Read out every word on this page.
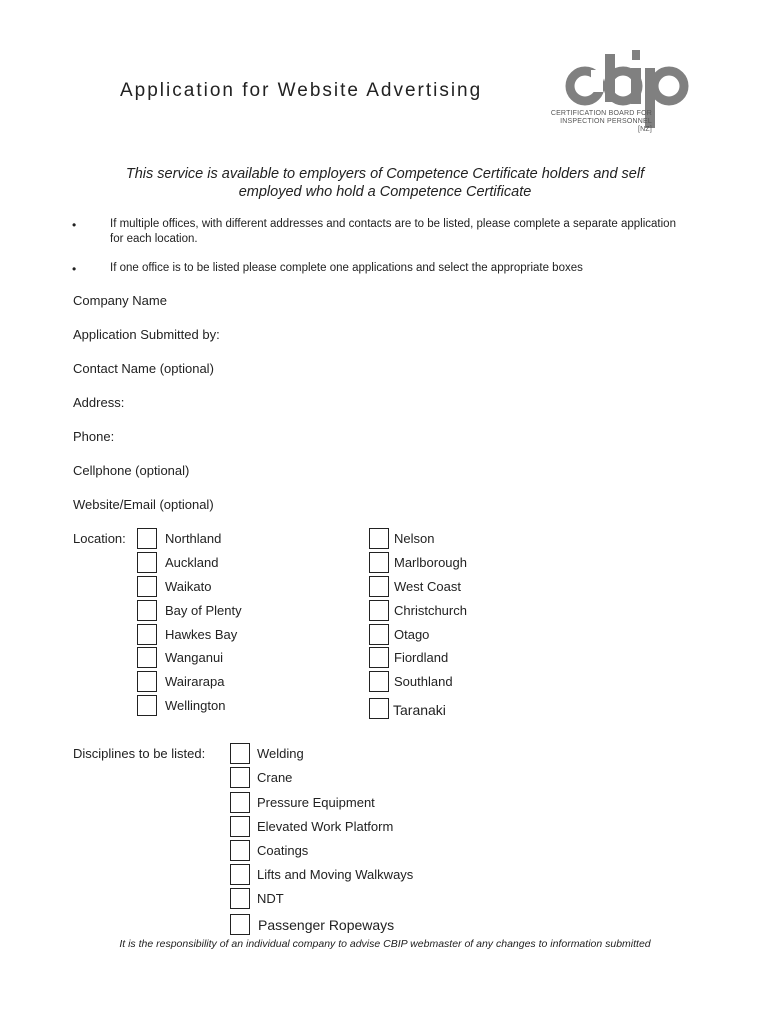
Application for Website Advertising
CERTIFICATION BOARD FOR
INSPECTION PERSONNEL [NZ]
This service is available to employers of Competence Certificate holders and self
employed who hold a Competence Certificate
•	If multiple offices, with different addresses and contacts are to be listed, please complete a separate application for each location.
•	If one office is to be listed please complete one applications and select the appropriate boxes
Company Name
Application Submitted by:
Contact Name (optional)
Address:
Phone:
Cellphone (optional)
Website/Email (optional)
Location:	Northland
Auckland
Waikato
Bay of Plenty
Hawkes Bay
Wanganui
Wairarapa
Wellington
Nelson
Marlborough
West Coast
Christchurch
Otago
Fiordland
Southland
Taranaki
Disciplines to be listed:	Welding
Crane
Pressure Equipment
Elevated Work Platform
Coatings
Lifts and Moving Walkways
NDT
Passenger Ropeways
It is the responsibility of an individual company to advise CBIP webmaster of any changes to information submitted
